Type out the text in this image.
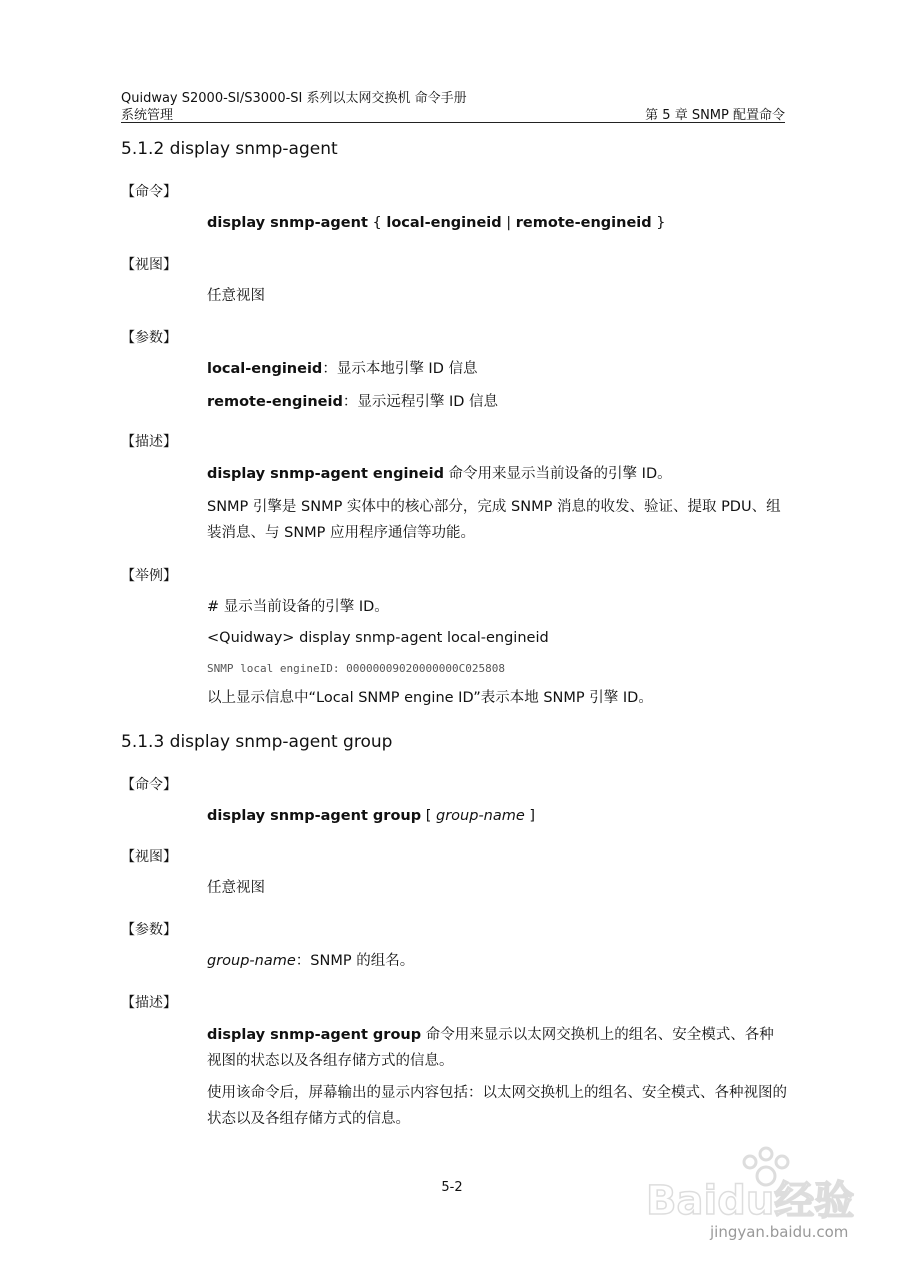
Quidway S2000-SI/S3000-SI 系列以太网交换机 命令手册
系统管理	第 5 章 SNMP 配置命令
5.1.2 display snmp-agent
【命令】
display snmp-agent { local-engineid | remote-engineid }
【视图】
任意视图
【参数】
local-engineid：显示本地引擎 ID 信息
remote-engineid：显示远程引擎 ID 信息
【描述】
display snmp-agent engineid 命令用来显示当前设备的引擎 ID。
SNMP 引擎是 SNMP 实体中的核心部分，完成 SNMP 消息的收发、验证、提取 PDU、组装消息、与 SNMP 应用程序通信等功能。
【举例】
# 显示当前设备的引擎 ID。
<Quidway> display snmp-agent local-engineid
SNMP local engineID: 00000009020000000C025808
以上显示信息中“Local SNMP engine ID”表示本地 SNMP 引擎 ID。
5.1.3 display snmp-agent group
【命令】
display snmp-agent group [ group-name ]
【视图】
任意视图
【参数】
group-name：SNMP 的组名。
【描述】
display snmp-agent group 命令用来显示以太网交换机上的组名、安全模式、各种视图的状态以及各组存储方式的信息。
使用该命令后，屏幕输出的显示内容包括：以太网交换机上的组名、安全模式、各种视图的状态以及各组存储方式的信息。
5-2	Baidu经验
jingyan.baidu.com
